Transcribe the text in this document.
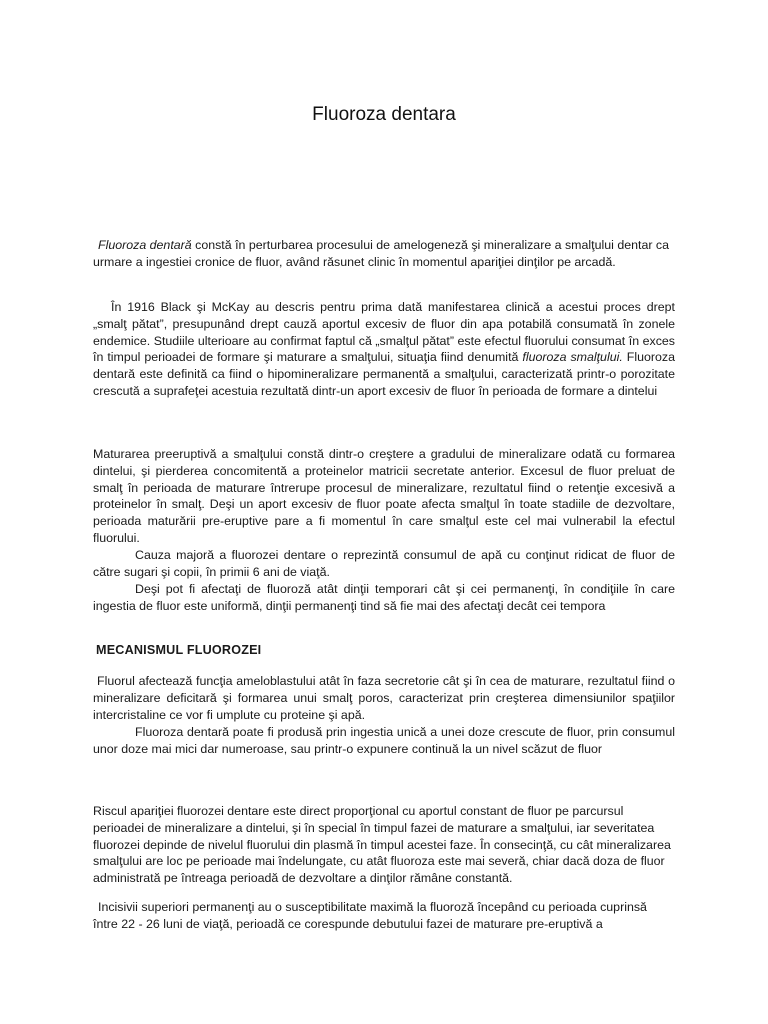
Fluoroza dentara

Fluoroza dentară constă în perturbarea procesului de amelogeneză şi mineralizare a smalţului dentar ca urmare a ingestiei cronice de fluor, având răsunet clinic în momentul apariţiei dinţilor pe arcadă.

În 1916 Black şi McKay au descris pentru prima dată manifestarea clinică a acestui proces drept „smalţ pătat”, presupunând drept cauză aportul excesiv de fluor din apa potabilă consumată în zonele endemice. Studiile ulterioare au confirmat faptul că „smalţul pătat” este efectul fluorului consumat în exces în timpul perioadei de formare şi maturare a smalţului, situaţia fiind denumită fluoroza smalţului. Fluoroza dentară este definită ca fiind o hipomineralizare permanentă a smalţului, caracterizată printr-o porozitate crescută a suprafeţei acestuia rezultată dintr-un aport excesiv de fluor în perioada de formare a dintelui

Maturarea preeruptivă a smalţului constă dintr-o creştere a gradului de mineralizare odată cu formarea dintelui, şi pierderea concomitentă a proteinelor matricii secretate anterior. Excesul de fluor preluat de smalţ în perioada de maturare întrerupe procesul de mineralizare, rezultatul fiind o retenţie excesivă a proteinelor în smalţ. Deşi un aport excesiv de fluor poate afecta smalţul în toate stadiile de dezvoltare, perioada maturării pre-eruptive pare a fi momentul în care smalţul este cel mai vulnerabil la efectul fluorului.

Cauza majoră a fluorozei dentare o reprezintă consumul de apă cu conţinut ridicat de fluor de către sugari şi copii, în primii 6 ani de viaţă.

Deşi pot fi afectaţi de fluoroză atât dinţii temporari cât şi cei permanenţi, în condiţiile în care ingestia de fluor este uniformă, dinţii permanenţi tind să fie mai des afectaţi decât cei tempora

MECANISMUL FLUOROZEI

Fluorul afectează funcţia ameloblastului atât în faza secretorie cât şi în cea de maturare, rezultatul fiind o mineralizare deficitară şi formarea unui smalţ poros, caracterizat prin creşterea dimensiunilor spaţiilor intercristaline ce vor fi umplute cu proteine şi apă.

Fluoroza dentară poate fi produsă prin ingestia unică a unei doze crescute de fluor, prin consumul unor doze mai mici dar numeroase, sau printr-o expunere continuă la un nivel scăzut de fluor

Riscul apariţiei fluorozei dentare este direct proporţional cu aportul constant de fluor pe parcursul perioadei de mineralizare a dintelui, şi în special în timpul fazei de maturare a smalţului, iar severitatea fluorozei depinde de nivelul fluorului din plasmă în timpul acestei faze. În consecinţă, cu cât mineralizarea smalţului are loc pe perioade mai îndelungate, cu atât fluoroza este mai severă, chiar dacă doza de fluor administrată pe întreaga perioadă de dezvoltare a dinţilor rămâne constantă.

Incisivii superiori permanenţi au o susceptibilitate maximă la fluoroză începând cu perioada cuprinsă între 22 - 26 luni de viaţă, perioadă ce corespunde debutului fazei de maturare pre-eruptivă a
